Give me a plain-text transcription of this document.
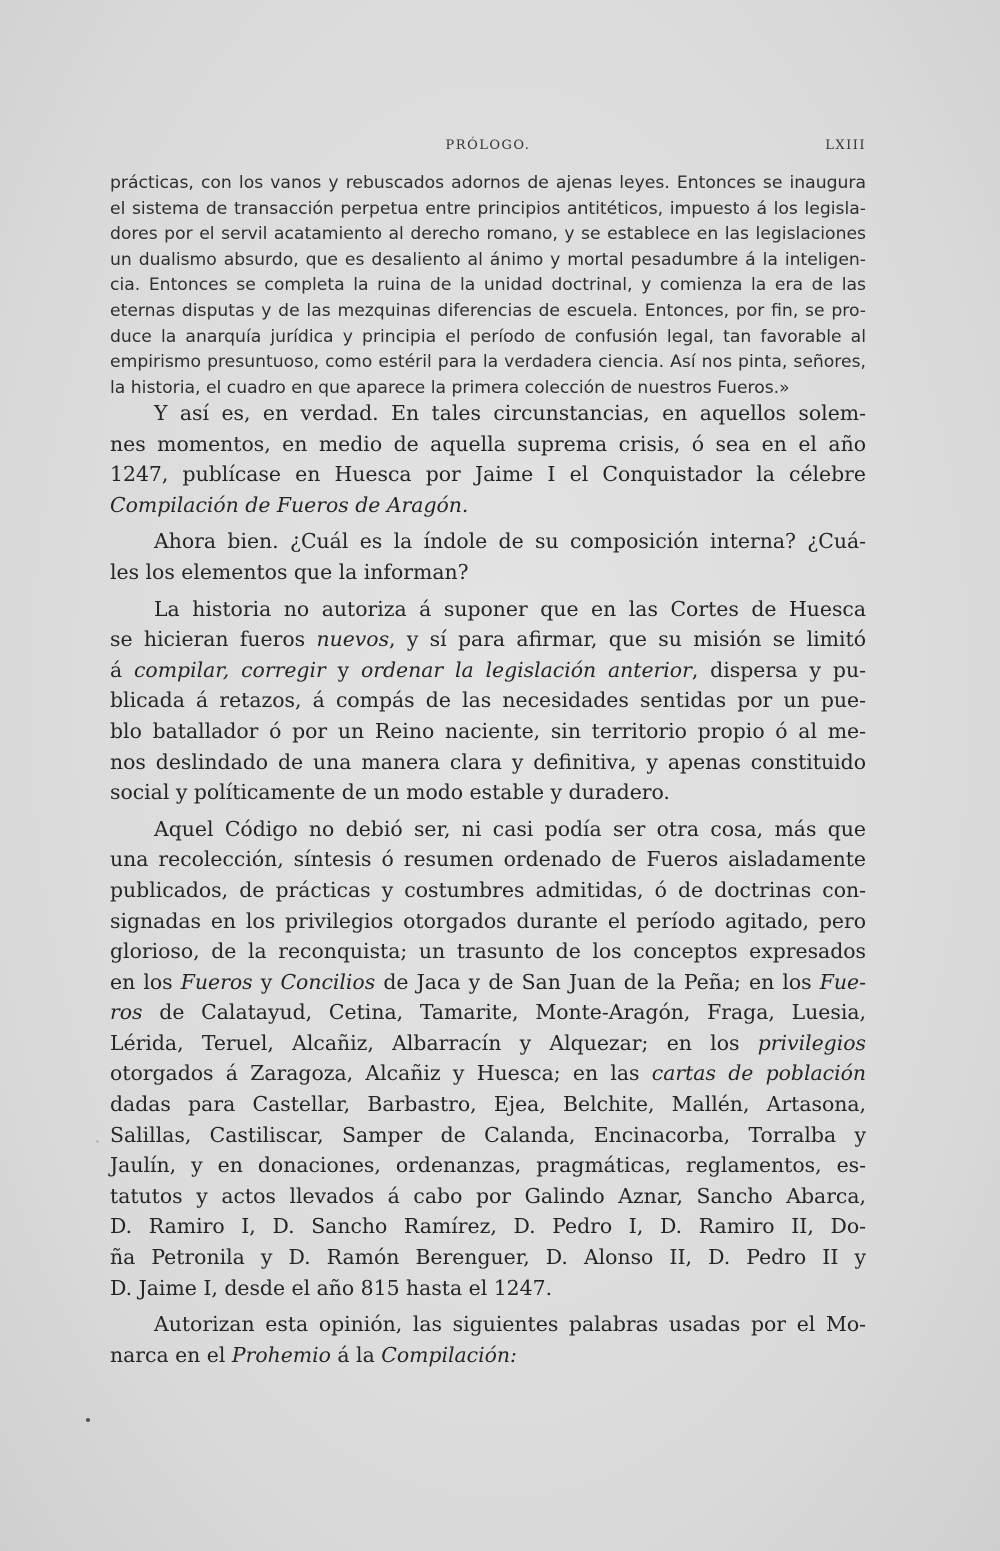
PRÓLOGO.	LXIII
prácticas, con los vanos y rebuscados adornos de ajenas leyes. Entonces se inaugura
el sistema de transacción perpetua entre principios antitéticos, impuesto á los legisla-
dores por el servil acatamiento al derecho romano, y se establece en las legislaciones
un dualismo absurdo, que es desaliento al ánimo y mortal pesadumbre á la inteligen-
cia. Entonces se completa la ruina de la unidad doctrinal, y comienza la era de las
eternas disputas y de las mezquinas diferencias de escuela. Entonces, por fin, se pro-
duce la anarquía jurídica y principia el período de confusión legal, tan favorable al
empirismo presuntuoso, como estéril para la verdadera ciencia. Así nos pinta, señores,
la historia, el cuadro en que aparece la primera colección de nuestros Fueros.»

Y así es, en verdad. En tales circunstancias, en aquellos solem-
nes momentos, en medio de aquella suprema crisis, ó sea en el año
1247, publícase en Huesca por Jaime I el Conquistador la célebre
Compilación de Fueros de Aragón.

Ahora bien. ¿Cuál es la índole de su composición interna? ¿Cuá-
les los elementos que la informan?

La historia no autoriza á suponer que en las Cortes de Huesca
se hicieran fueros nuevos, y sí para afirmar, que su misión se limitó
á compilar, corregir y ordenar la legislación anterior, dispersa y pu-
blicada á retazos, á compás de las necesidades sentidas por un pue-
blo batallador ó por un Reino naciente, sin territorio propio ó al me-
nos deslindado de una manera clara y definitiva, y apenas constituido
social y políticamente de un modo estable y duradero.

Aquel Código no debió ser, ni casi podía ser otra cosa, más que
una recolección, síntesis ó resumen ordenado de Fueros aisladamente
publicados, de prácticas y costumbres admitidas, ó de doctrinas con-
signadas en los privilegios otorgados durante el período agitado, pero
glorioso, de la reconquista; un trasunto de los conceptos expresados
en los Fueros y Concilios de Jaca y de San Juan de la Peña; en los Fue-
ros de Calatayud, Cetina, Tamarite, Monte-Aragón, Fraga, Luesia,
Lérida, Teruel, Alcañiz, Albarracín y Alquezar; en los privilegios
otorgados á Zaragoza, Alcañiz y Huesca; en las cartas de población
dadas para Castellar, Barbastro, Ejea, Belchite, Mallén, Artasona,
Salillas, Castiliscar, Samper de Calanda, Encinacorba, Torralba y
Jaulín, y en donaciones, ordenanzas, pragmáticas, reglamentos, es-
tatutos y actos llevados á cabo por Galindo Aznar, Sancho Abarca,
D. Ramiro I, D. Sancho Ramírez, D. Pedro I, D. Ramiro II, Do-
ña Petronila y D. Ramón Berenguer, D. Alonso II, D. Pedro II y
D. Jaime I, desde el año 815 hasta el 1247.

Autorizan esta opinión, las siguientes palabras usadas por el Mo-
narca en el Prohemio á la Compilación:
